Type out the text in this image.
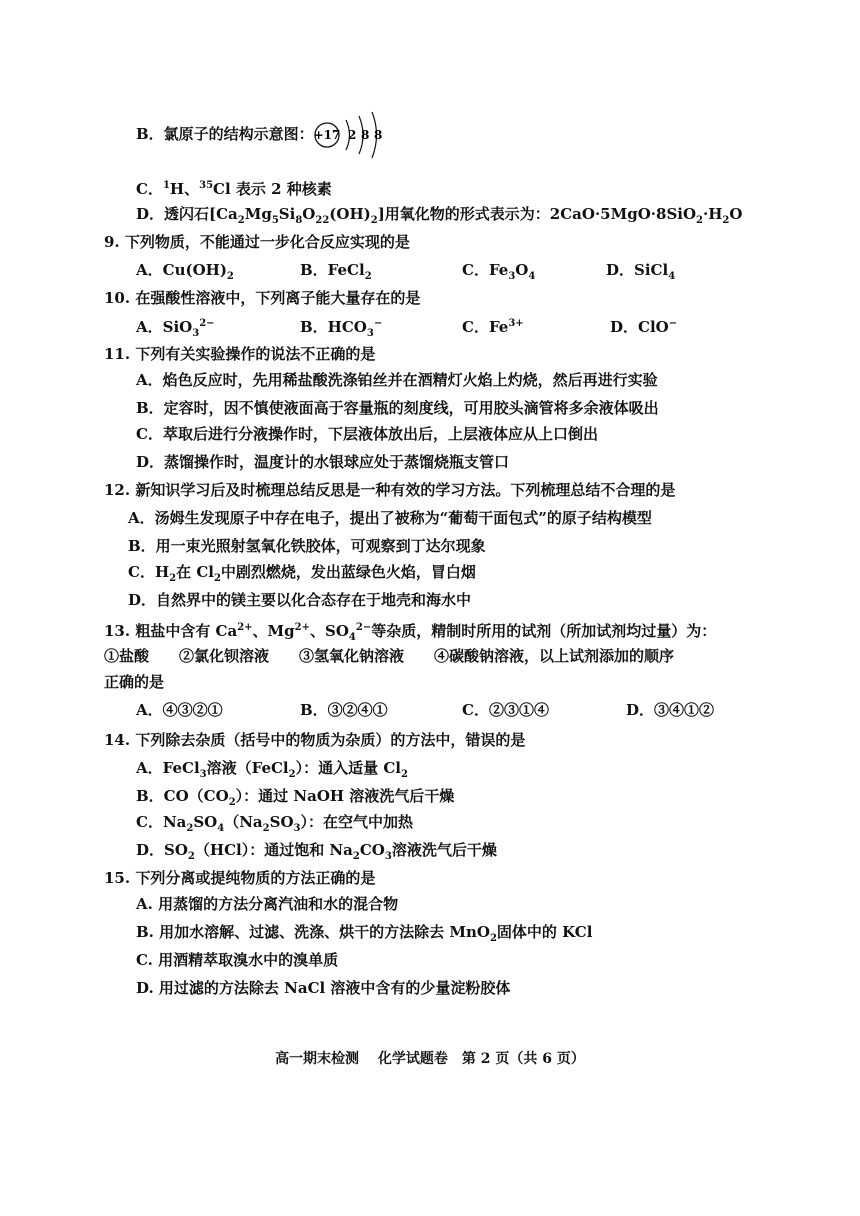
B．氯原子的结构示意图： +17 2 8 8
C．$^1$H、$^{35}$Cl 表示 2 种核素
D．透闪石$[Ca_2Mg_5Si_8O_{22}(OH)_2]$用氧化物的形式表示为：$2CaO\cdot 5MgO\cdot 8SiO_2\cdot H_2O$
9. 下列物质，不能通过一步化合反应实现的是
A．$Cu(OH)_2$	B．FeCl$_2$	C．$Fe_3O_4$	D．SiCl$_4$
10. 在强酸性溶液中，下列离子能大量存在的是
A．SiO$_3^{2-}$	B．$HCO_3^-$	C．$Fe^{3+}$	D．ClO−
11. 下列有关实验操作的说法不正确的是
A．焰色反应时，先用稀盐酸洗涤铂丝并在酒精灯火焰上灼烧，然后再进行实验
B．定容时，因不慎使液面高于容量瓶的刻度线，可用胶头滴管将多余液体吸出
C．萃取后进行分液操作时，下层液体放出后，上层液体应从上口倒出
D．蒸馏操作时，温度计的水银球应处于蒸馏烧瓶支管口
12. 新知识学习后及时梳理总结反思是一种有效的学习方法。下列梳理总结不合理的是
A．汤姆生发现原子中存在电子，提出了被称为“葡萄干面包式”的原子结构模型
B．用一束光照射氢氧化铁胶体，可观察到丁达尔现象
C．$H_2$在 $Cl_2$中剧烈燃烧，发出蓝绿色火焰，冒白烟
D．自然界中的镁主要以化合态存在于地壳和海水中
13. 粗盐中含有 $Ca^{2+}$、$Mg^{2+}$、$SO_4^{2-}$等杂质，精制时所用的试剂（所加试剂均过量）为：
①盐酸　　②氯化钡溶液　　③氢氧化钠溶液　　④碳酸钠溶液，以上试剂添加的顺序
正确的是
A．④③②①	B．③②④①	C．②③①④	D．③④①②
14. 下列除去杂质（括号中的物质为杂质）的方法中，错误的是
A．FeCl$_3$溶液（FeCl$_2$）：通入适量 $Cl_2$
B．$CO(CO_2)$：通过 NaOH 溶液洗气后干燥
C．$Na_2SO_4(Na_2SO_3)$：在空气中加热
D．$SO_2(HCl)$：通过饱和 $Na_2CO_3$溶液洗气后干燥
15. 下列分离或提纯物质的方法正确的是
A. 用蒸馏的方法分离汽油和水的混合物
B. 用加水溶解、过滤、洗涤、烘干的方法除去 MnO$_2$固体中的 KCl
C. 用酒精萃取溴水中的溴单质
D. 用过滤的方法除去 NaCl 溶液中含有的少量淀粉胶体
高一期末检测　 化学试题卷　第 2 页（共 6 页）
